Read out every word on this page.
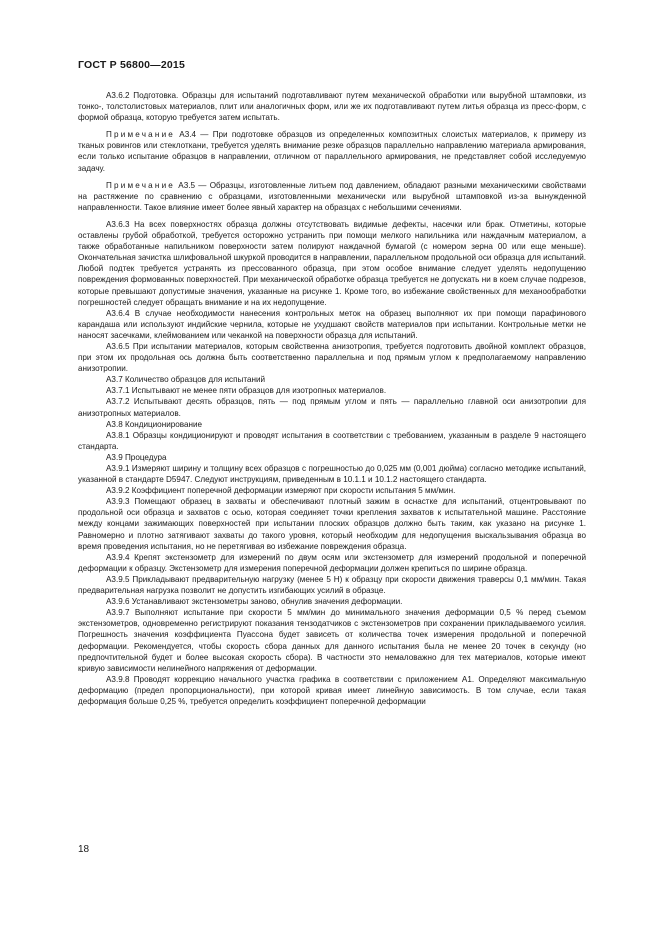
ГОСТ Р 56800—2015

А3.6.2 Подготовка. Образцы для испытаний подготавливают путем механической обработки или вырубной штамповки, из тонко-, толстолистовых материалов, плит или аналогичных форм, или же их подготавливают путем литья образца из пресс-форм, с формой образца, которую требуется затем испытать.

Примечание А3.4 — При подготовке образцов из определенных композитных слоистых материалов, к примеру из тканых ровингов или стеклоткани, требуется уделять внимание резке образцов параллельно направлению материала армирования, если только испытание образцов в направлении, отличном от параллельного армирования, не представляет собой исследуемую задачу.

Примечание А3.5 — Образцы, изготовленные литьем под давлением, обладают разными механическими свойствами на растяжение по сравнению с образцами, изготовленными механически или вырубной штамповкой из-за вынужденной направленности. Такое влияние имеет более явный характер на образцах с небольшими сечениями.

А3.6.3 На всех поверхностях образца должны отсутствовать видимые дефекты, насечки или брак. Отметины, которые оставлены грубой обработкой, требуется осторожно устранить при помощи мелкого напильника или наждачным материалом, а также обработанные напильником поверхности затем полируют наждачной бумагой (с номером зерна 00 или еще меньше). Окончательная зачистка шлифовальной шкуркой проводится в направлении, параллельном продольной оси образца для испытаний. Любой подтек требуется устранять из прессованного образца, при этом особое внимание следует уделять недопущению повреждения формованных поверхностей. При механической обработке образца требуется не допускать ни в коем случае подрезов, которые превышают допустимые значения, указанные на рисунке 1. Кроме того, во избежание свойственных для механообработки погрешностей следует обращать внимание и на их недопущение.

А3.6.4 В случае необходимости нанесения контрольных меток на образец выполняют их при помощи парафинового карандаша или используют индийские чернила, которые не ухудшают свойств материалов при испытании. Контрольные метки не наносят засечками, клеймованием или чеканкой на поверхности образца для испытаний.

А3.6.5 При испытании материалов, которым свойственна анизотропия, требуется подготовить двойной комплект образцов, при этом их продольная ось должна быть соответственно параллельна и под прямым углом к предполагаемому направлению анизотропии.

А3.7 Количество образцов для испытаний

А3.7.1 Испытывают не менее пяти образцов для изотропных материалов.

А3.7.2 Испытывают десять образцов, пять — под прямым углом и пять — параллельно главной оси анизотропии для анизотропных материалов.

А3.8 Кондиционирование

А3.8.1 Образцы кондиционируют и проводят испытания в соответствии с требованием, указанным в разделе 9 настоящего стандарта.

А3.9 Процедура

А3.9.1 Измеряют ширину и толщину всех образцов с погрешностью до 0,025 мм (0,001 дюйма) согласно методике испытаний, указанной в стандарте D5947. Следуют инструкциям, приведенным в 10.1.1 и 10.1.2 настоящего стандарта.

А3.9.2 Коэффициент поперечной деформации измеряют при скорости испытания 5 мм/мин.

А3.9.3 Помещают образец в захваты и обеспечивают плотный зажим в оснастке для испытаний, отцентровывают по продольной оси образца и захватов с осью, которая соединяет точки крепления захватов к испытательной машине. Расстояние между концами зажимающих поверхностей при испытании плоских образцов должно быть таким, как указано на рисунке 1. Равномерно и плотно затягивают захваты до такого уровня, который необходим для недопущения выскальзывания образца во время проведения испытания, но не перетягивая во избежание повреждения образца.

А3.9.4 Крепят экстензометр для измерений по двум осям или экстензометр для измерений продольной и поперечной деформации к образцу. Экстензометр для измерения поперечной деформации должен крепиться по ширине образца.

А3.9.5 Прикладывают предварительную нагрузку (менее 5 Н) к образцу при скорости движения траверсы 0,1 мм/мин. Такая предварительная нагрузка позволит не допустить изгибающих усилий в образце.

А3.9.6 Устанавливают экстензометры заново, обнулив значения деформации.

А3.9.7 Выполняют испытание при скорости 5 мм/мин до минимального значения деформации 0,5 % перед съемом экстензометров, одновременно регистрируют показания тензодатчиков с экстензометров при сохранении прикладываемого усилия. Погрешность значения коэффициента Пуассона будет зависеть от количества точек измерения продольной и поперечной деформации. Рекомендуется, чтобы скорость сбора данных для данного испытания была не менее 20 точек в секунду (но предпочтительной будет и более высокая скорость сбора). В частности это немаловажно для тех материалов, которые имеют кривую зависимости нелинейного напряжения от деформации.

А3.9.8 Проводят коррекцию начального участка графика в соответствии с приложением А1. Определяют максимальную деформацию (предел пропорциональности), при которой кривая имеет линейную зависимость. В том случае, если такая деформация больше 0,25 %, требуется определить коэффициент поперечной деформации

18
